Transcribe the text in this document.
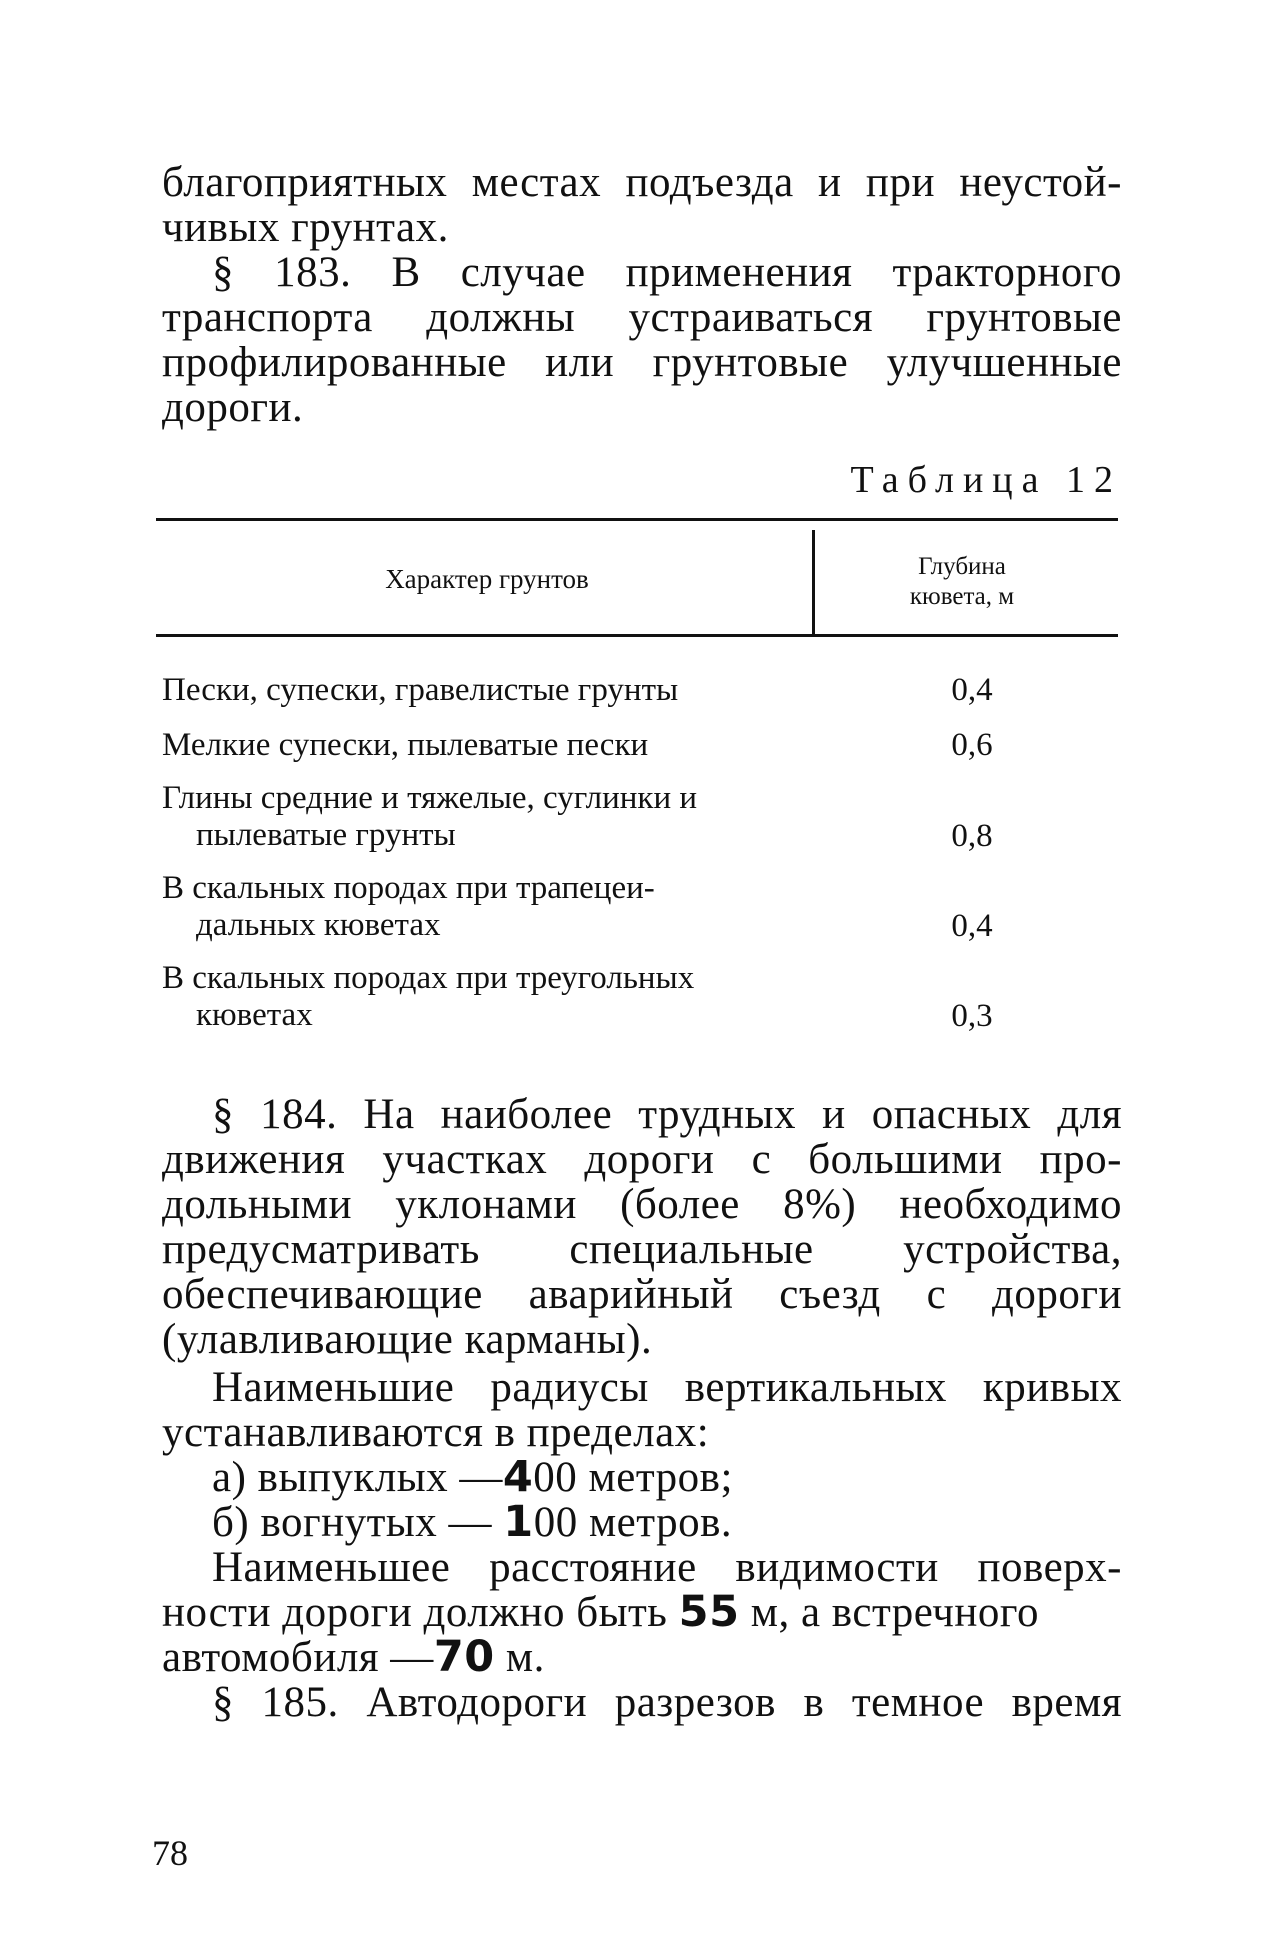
благоприятных местах подъезда и при неустой-
чивых грунтах.
§ 183. В случае применения тракторного
транспорта должны устраиваться грунтовые
профилированные или грунтовые улучшенные
дороги.
Таблица 12
Характер грунтов	Глубина
кювета, м
Пески, супески, гравелистые грунты	0,4
Мелкие супески, пылеватые пески	0,6
Глины средние и тяжелые, суглинки и
пылеватые грунты	0,8
В скальных породах при трапецеи-
дальных кюветах	0,4
В скальных породах при треугольных
кюветах	0,3
§ 184. На наиболее трудных и опасных для
движения участках дороги с большими про-
дольными уклонами (более 8%) необходимо
предусматривать специальные устройства,
обеспечивающие аварийный съезд с дороги
(улавливающие карманы).
Наименьшие радиусы вертикальных кривых
устанавливаются в пределах:
а) выпуклых —400 метров;
б) вогнутых — 100 метров.
Наименьшее расстояние видимости поверх-
ности дороги должно быть 55 м, а встречного
автомобиля —70 м.
§ 185. Автодороги разрезов в темное время
78
